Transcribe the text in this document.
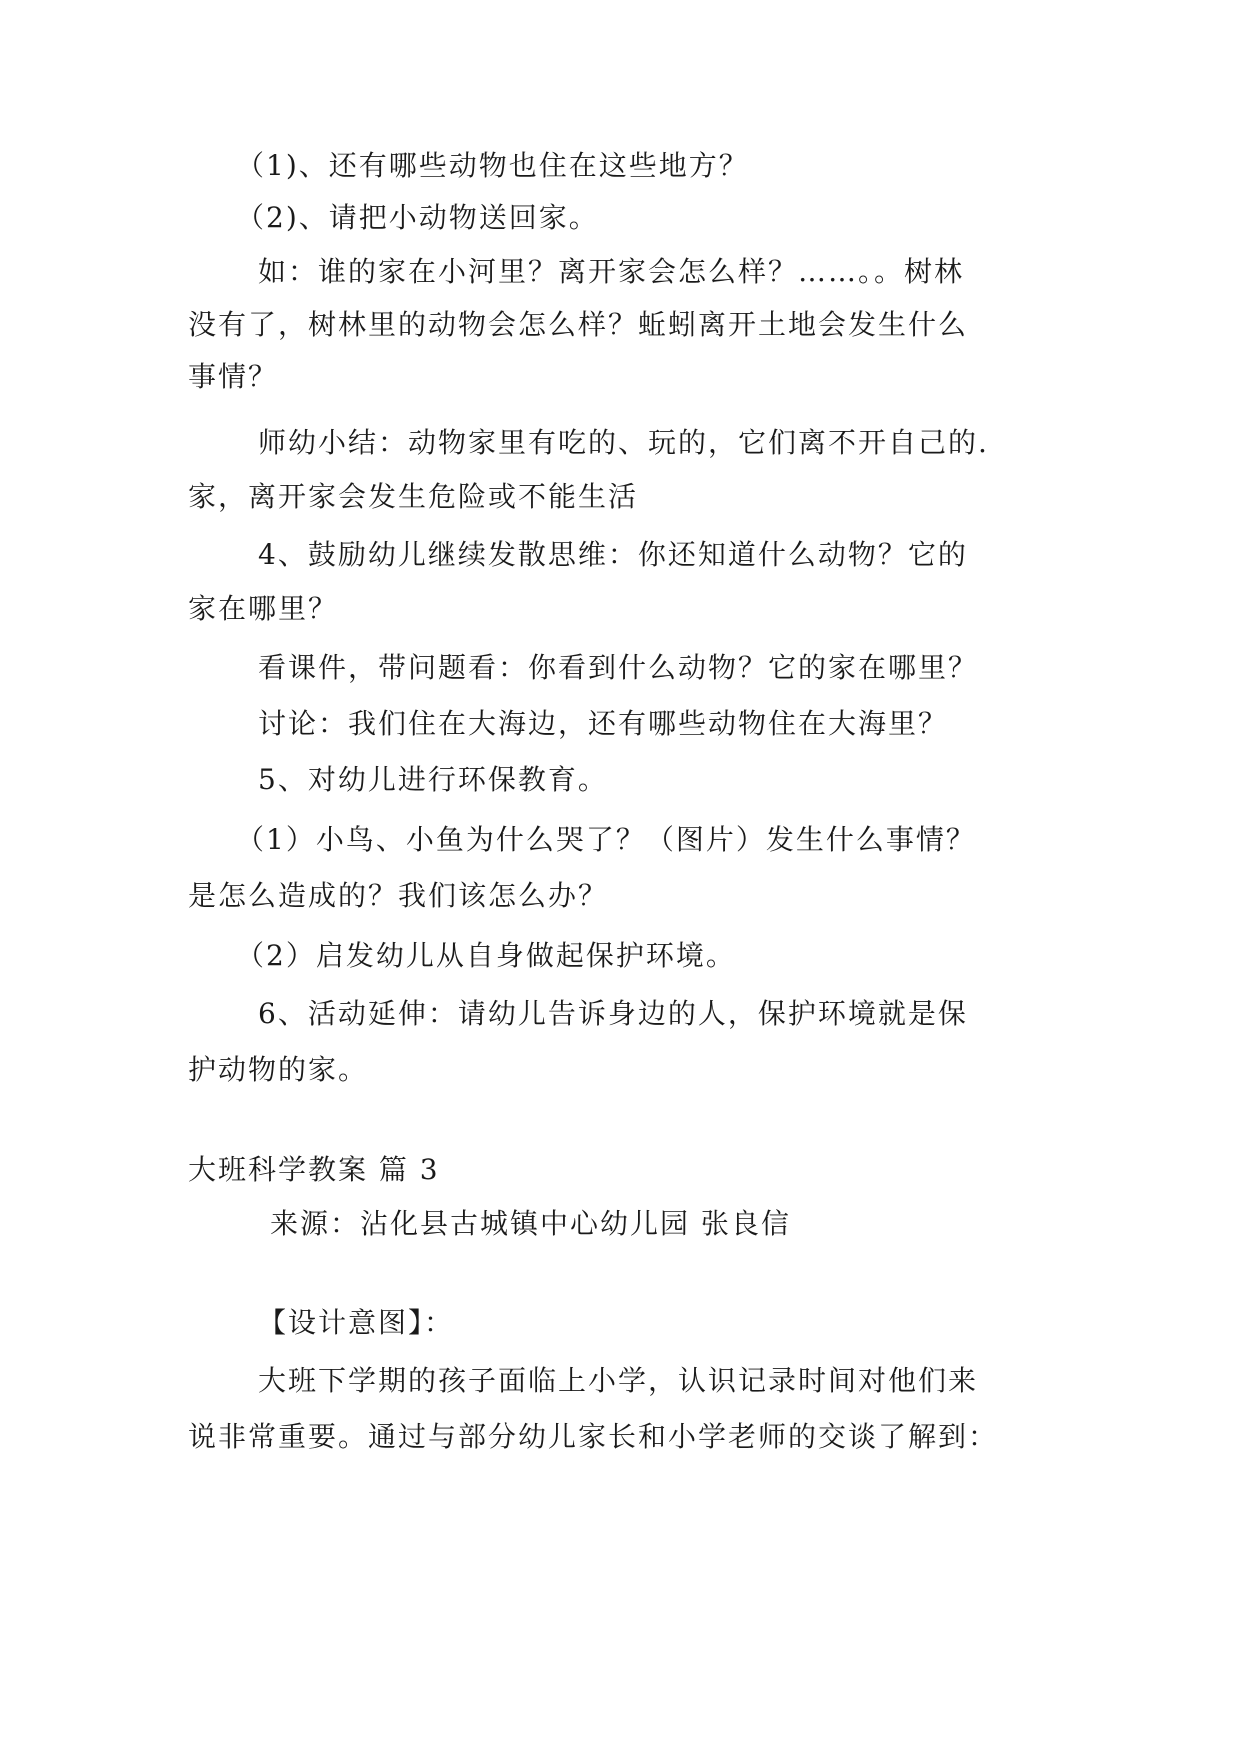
（1)、还有哪些动物也住在这些地方？
（2)、请把小动物送回家。
如：谁的家在小河里？离开家会怎么样？……。。树林
没有了，树林里的动物会怎么样？蚯蚓离开土地会发生什么
事情？
师幼小结：动物家里有吃的、玩的，它们离不开自己的.
家，离开家会发生危险或不能生活
4、鼓励幼儿继续发散思维：你还知道什么动物？它的
家在哪里？
看课件，带问题看：你看到什么动物？它的家在哪里？
讨论：我们住在大海边，还有哪些动物住在大海里？
5、对幼儿进行环保教育。
（1）小鸟、小鱼为什么哭了？（图片）发生什么事情？
是怎么造成的？我们该怎么办？
（2）启发幼儿从自身做起保护环境。
6、活动延伸：请幼儿告诉身边的人，保护环境就是保
护动物的家。
大班科学教案 篇 3
来源：沾化县古城镇中心幼儿园 张良信
【设计意图】：
大班下学期的孩子面临上小学，认识记录时间对他们来
说非常重要。通过与部分幼儿家长和小学老师的交谈了解到：
